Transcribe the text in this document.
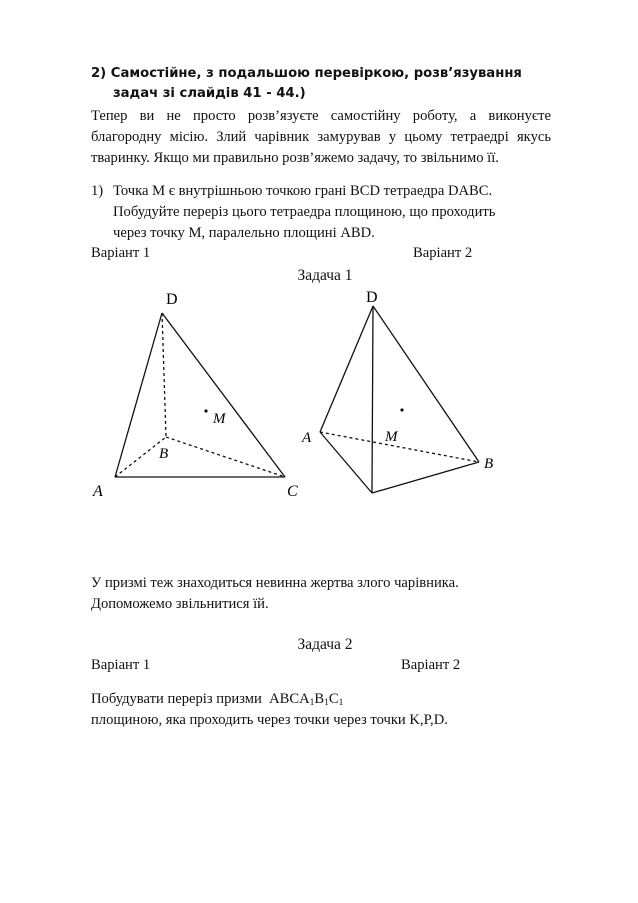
2) Самостійне, з подальшою перевіркою, розв’язування
задач зі слайдів 41 - 44.)
Тепер ви не просто розв’язуєте самостійну роботу, а виконуєте
благородну місію. Злий чарівник замурував у цьому тетраедрі якусь
тваринку. Якщо ми правильно розв’яжемо задачу, то звільнимо її.
1) Точка M є внутрішньою точкою грані BCD тетраедра DABC.
Побудуйте переріз цього тетраедра площиною, що проходить
через точку M, паралельно площині ABD.
Варіант 1	Варіант 2
Задача 1
D
M
B
A	C
D
A	M
B
У призмі теж знаходиться невинна жертва злого чарівника.
Допоможемо звільнитися їй.
Задача 2
Варіант 1	Варіант 2
Побудувати переріз призми  ABCA1B1C1
площиною, яка проходить через точки через точки K,P,D.
